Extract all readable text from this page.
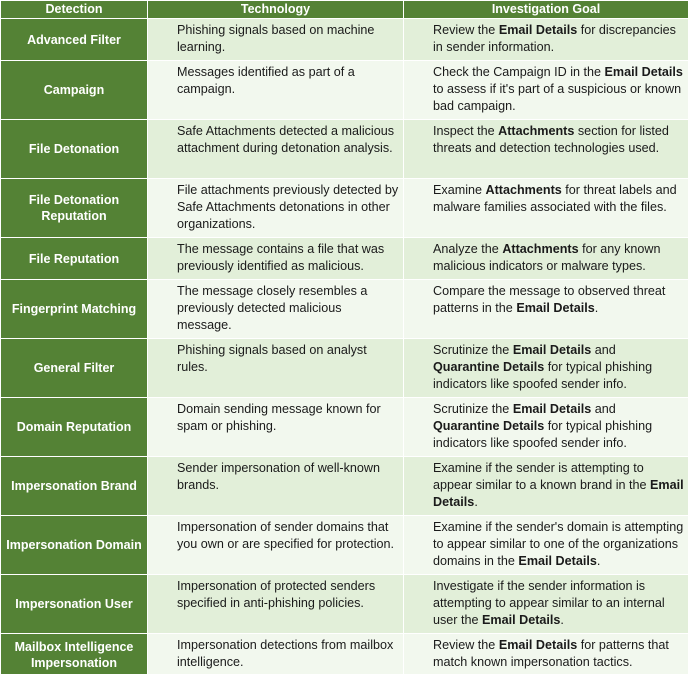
Detection	Technology	Investigation Goal
Advanced Filter	Phishing signals based on machine learning.	Review the Email Details for discrepancies in sender information.
Campaign	Messages identified as part of a campaign.	Check the Campaign ID in the Email Details to assess if it's part of a suspicious or known bad campaign.
File Detonation	Safe Attachments detected a malicious attachment during detonation analysis.	Inspect the Attachments section for listed threats and detection technologies used.
File Detonation Reputation	File attachments previously detected by Safe Attachments detonations in other organizations.	Examine Attachments for threat labels and malware families associated with the files.
File Reputation	The message contains a file that was previously identified as malicious.	Analyze the Attachments for any known malicious indicators or malware types.
Fingerprint Matching	The message closely resembles a previously detected malicious message.	Compare the message to observed threat patterns in the Email Details.
General Filter	Phishing signals based on analyst rules.	Scrutinize the Email Details and Quarantine Details for typical phishing indicators like spoofed sender info.
Domain Reputation	Domain sending message known for spam or phishing.	Scrutinize the Email Details and Quarantine Details for typical phishing indicators like spoofed sender info.
Impersonation Brand	Sender impersonation of well-known brands.	Examine if the sender is attempting to appear similar to a known brand in the Email Details.
Impersonation Domain	Impersonation of sender domains that you own or are specified for protection.	Examine if the sender's domain is attempting to appear similar to one of the organizations domains in the Email Details.
Impersonation User	Impersonation of protected senders specified in anti-phishing policies.	Investigate if the sender information is attempting to appear similar to an internal user the Email Details.
Mailbox Intelligence Impersonation	Impersonation detections from mailbox intelligence.	Review the Email Details for patterns that match known impersonation tactics.
